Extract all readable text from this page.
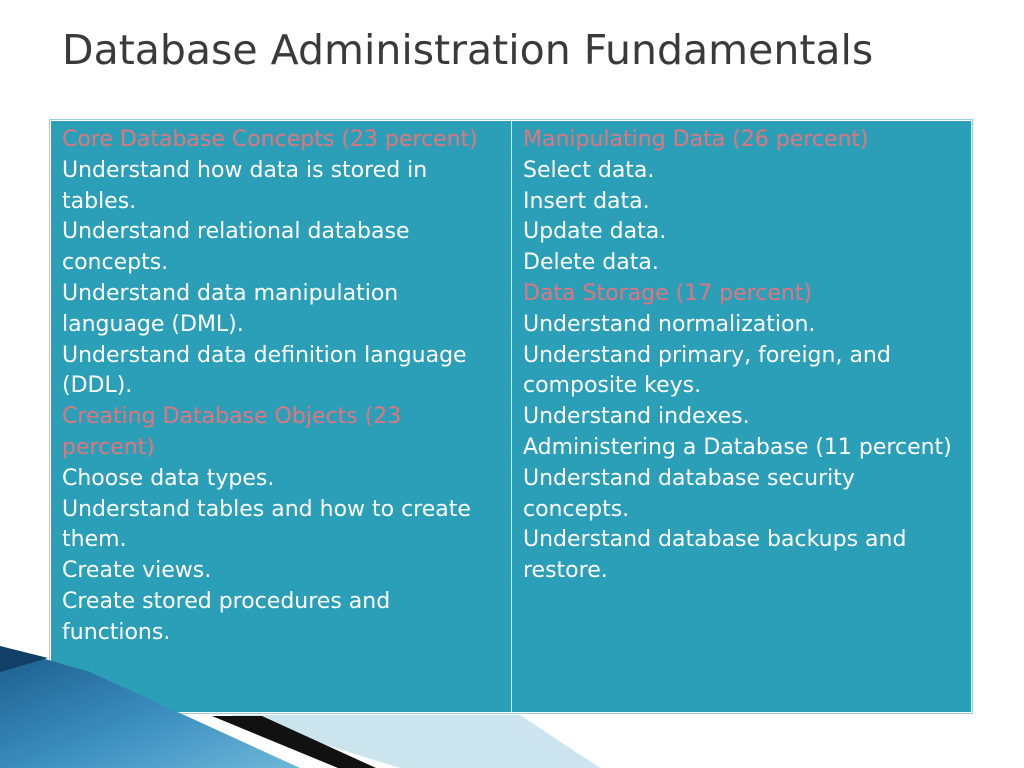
Database Administration Fundamentals
Core Database Concepts (23 percent)
Understand how data is stored in tables.
Understand relational database concepts.
Understand data manipulation language (DML).
Understand data definition language (DDL).
Creating Database Objects (23 percent)
Choose data types.
Understand tables and how to create them.
Create views.
Create stored procedures and functions.

Manipulating Data (26 percent)
Select data.
Insert data.
Update data.
Delete data.
Data Storage (17 percent)
Understand normalization.
Understand primary, foreign, and composite keys.
Understand indexes.
Administering a Database (11 percent)
Understand database security concepts.
Understand database backups and restore.
